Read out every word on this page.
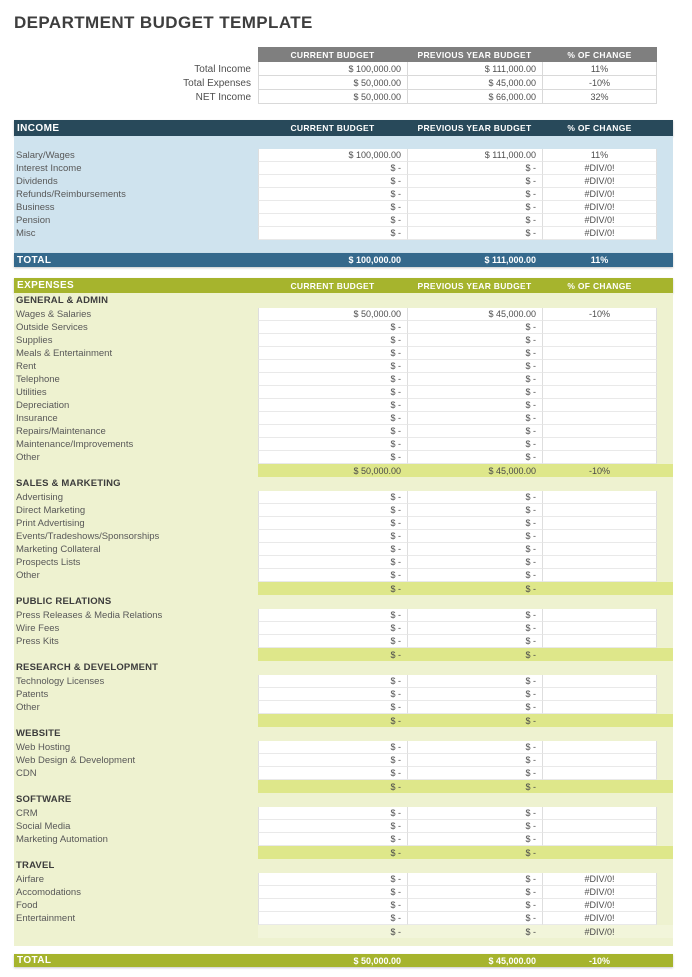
DEPARTMENT BUDGET TEMPLATE
CURRENT BUDGET	PREVIOUS YEAR BUDGET	% OF CHANGE
Total Income	$ 100,000.00	$ 111,000.00	11%
Total Expenses	$ 50,000.00	$ 45,000.00	-10%
NET Income	$ 50,000.00	$ 66,000.00	32%
INCOME	CURRENT BUDGET	PREVIOUS YEAR BUDGET	% OF CHANGE
Salary/Wages	$ 100,000.00	$ 111,000.00	11%
Interest Income	$ -	$ -	#DIV/0!
Dividends	$ -	$ -	#DIV/0!
Refunds/Reimbursements	$ -	$ -	#DIV/0!
Business	$ -	$ -	#DIV/0!
Pension	$ -	$ -	#DIV/0!
Misc	$ -	$ -	#DIV/0!
TOTAL	$ 100,000.00	$ 111,000.00	11%
EXPENSES	CURRENT BUDGET	PREVIOUS YEAR BUDGET	% OF CHANGE
GENERAL & ADMIN
Wages & Salaries	$ 50,000.00	$ 45,000.00	-10%
Outside Services	$ -	$ -
Supplies	$ -	$ -
Meals & Entertainment	$ -	$ -
Rent	$ -	$ -
Telephone	$ -	$ -
Utilities	$ -	$ -
Depreciation	$ -	$ -
Insurance	$ -	$ -
Repairs/Maintenance	$ -	$ -
Maintenance/Improvements	$ -	$ -
Other	$ -	$ -
$ 50,000.00	$ 45,000.00	-10%
SALES & MARKETING
Advertising	$ -	$ -
Direct Marketing	$ -	$ -
Print Advertising	$ -	$ -
Events/Tradeshows/Sponsorships	$ -	$ -
Marketing Collateral	$ -	$ -
Prospects Lists	$ -	$ -
Other	$ -	$ -
$ -	$ -
PUBLIC RELATIONS
Press Releases & Media Relations	$ -	$ -
Wire Fees	$ -	$ -
Press Kits	$ -	$ -
$ -	$ -
RESEARCH & DEVELOPMENT
Technology Licenses	$ -	$ -
Patents	$ -	$ -
Other	$ -	$ -
$ -	$ -
WEBSITE
Web Hosting	$ -	$ -
Web Design & Development	$ -	$ -
CDN	$ -	$ -
$ -	$ -
SOFTWARE
CRM	$ -	$ -
Social Media	$ -	$ -
Marketing Automation	$ -	$ -
$ -	$ -
TRAVEL
Airfare	$ -	$ -	#DIV/0!
Accomodations	$ -	$ -	#DIV/0!
Food	$ -	$ -	#DIV/0!
Entertainment	$ -	$ -	#DIV/0!
$ -	$ -	#DIV/0!
TOTAL	$ 50,000.00	$ 45,000.00	-10%
